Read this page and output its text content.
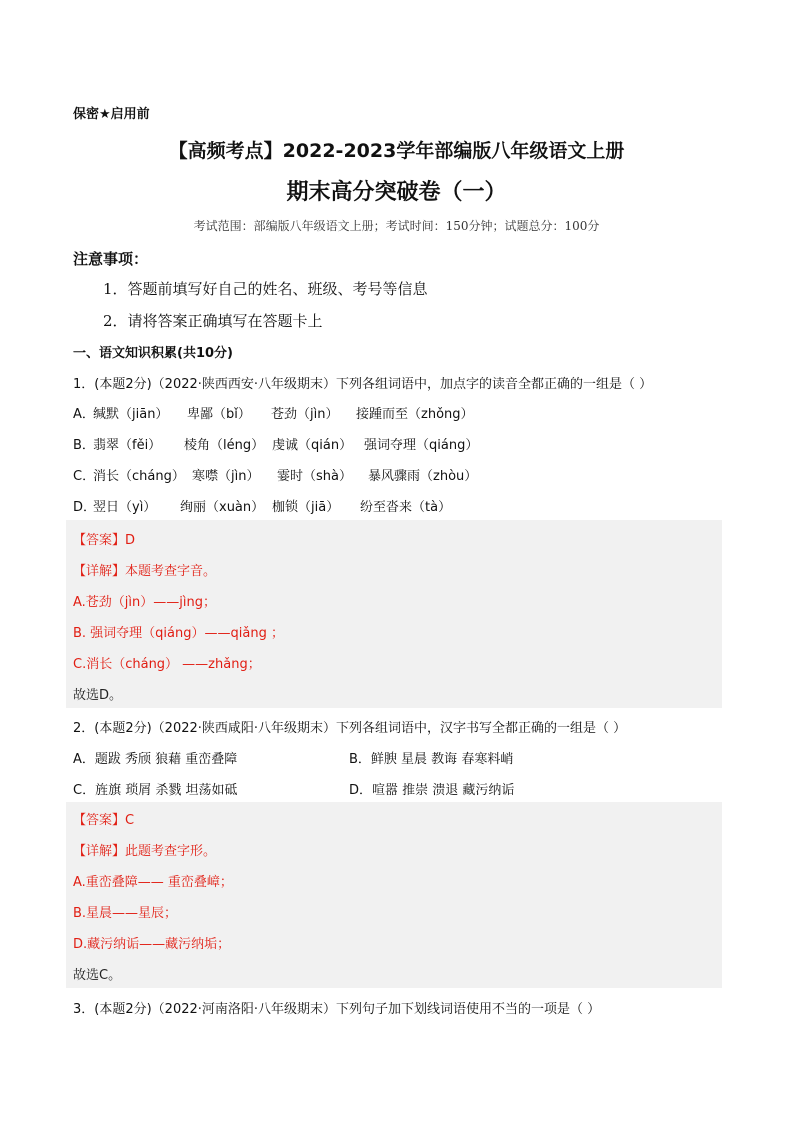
保密★启用前
【高频考点】2022-2023学年部编版八年级语文上册
期末高分突破卷（一）
考试范围：部编版八年级语文上册；考试时间：150分钟；试题总分：100分
注意事项：
1．答题前填写好自己的姓名、班级、考号等信息
2．请将答案正确填写在答题卡上
一、语文知识积累(共10分)
1．(本题2分)（2022·陕西西安·八年级期末）下列各组词语中，加点字的读音全都正确的一组是（ ）
A．
缄默（jiān） 卑鄙（bǐ） 苍劲（jìn） 接踵而至（zhǒng）
B．
翡翠（fěi） 棱角（léng） 虔诚（qián） 强词夺理（qiáng）
C．
消长（cháng） 寒噤（jìn） 霎时（shà） 暴风骤雨（zhòu）
D．
翌日（yì） 绚丽（xuàn） 枷锁（jiā） 纷至沓来（tà）
【答案】D
【详解】本题考查字音。
A.苍劲（jìn）——jìng；
B. 强词夺理（qiáng）——qiǎng ；
C.消长（cháng） ——zhǎng；
故选D。
2．(本题2分)（2022·陕西咸阳·八年级期末）下列各组词语中，汉字书写全都正确的一组是（ ）
A．题跋 秀颀 狼藉 重峦叠障	B．鲜腴 星晨 教诲 春寒料峭
C．旌旗 琐屑 杀戮 坦荡如砥	D．喧嚣 推崇 溃退 藏污纳诟
【答案】C
【详解】此题考查字形。
A.重峦叠障—— 重峦叠嶂；
B.星晨——星辰；
D.藏污纳诟——藏污纳垢；
故选C。
3．(本题2分)（2022·河南洛阳·八年级期末）下列句子加下划线词语使用不当的一项是（ ）
